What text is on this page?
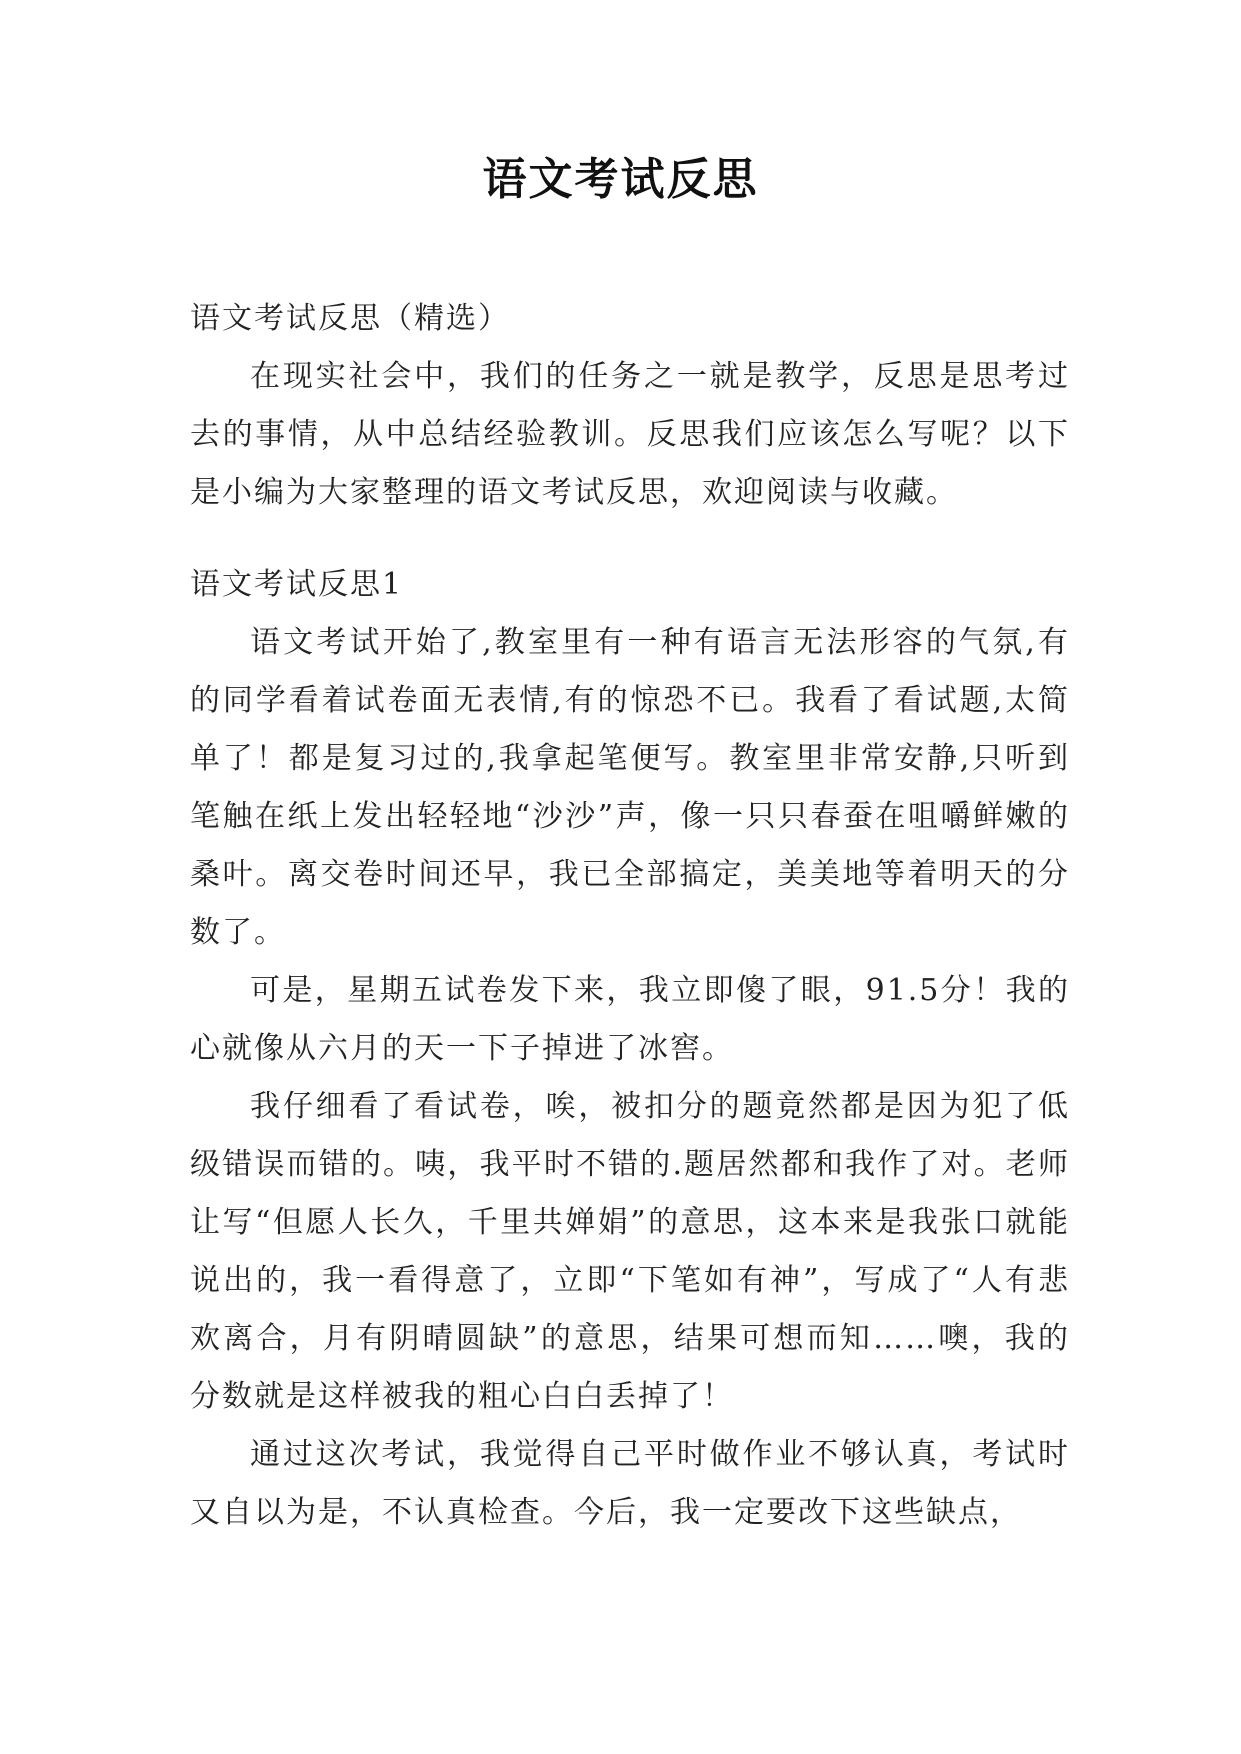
语文考试反思

语文考试反思（精选）

在现实社会中，我们的任务之一就是教学，反思是思考过去的事情，从中总结经验教训。反思我们应该怎么写呢？以下是小编为大家整理的语文考试反思，欢迎阅读与收藏。

语文考试反思1

语文考试开始了,教室里有一种有语言无法形容的气氛,有的同学看着试卷面无表情,有的惊恐不已。我看了看试题,太简单了！都是复习过的,我拿起笔便写。教室里非常安静,只听到笔触在纸上发出轻轻地“沙沙”声，像一只只春蚕在咀嚼鲜嫩的桑叶。离交卷时间还早，我已全部搞定，美美地等着明天的分数了。

可是，星期五试卷发下来，我立即傻了眼，91.5分！我的心就像从六月的天一下子掉进了冰窖。

我仔细看了看试卷，唉，被扣分的题竟然都是因为犯了低级错误而错的。咦，我平时不错的.题居然都和我作了对。老师让写“但愿人长久，千里共婵娟”的意思，这本来是我张口就能说出的，我一看得意了，立即“下笔如有神”，写成了“人有悲欢离合，月有阴晴圆缺”的意思，结果可想而知……噢，我的分数就是这样被我的粗心白白丢掉了！

通过这次考试，我觉得自己平时做作业不够认真，考试时又自以为是，不认真检查。今后，我一定要改下这些缺点，
